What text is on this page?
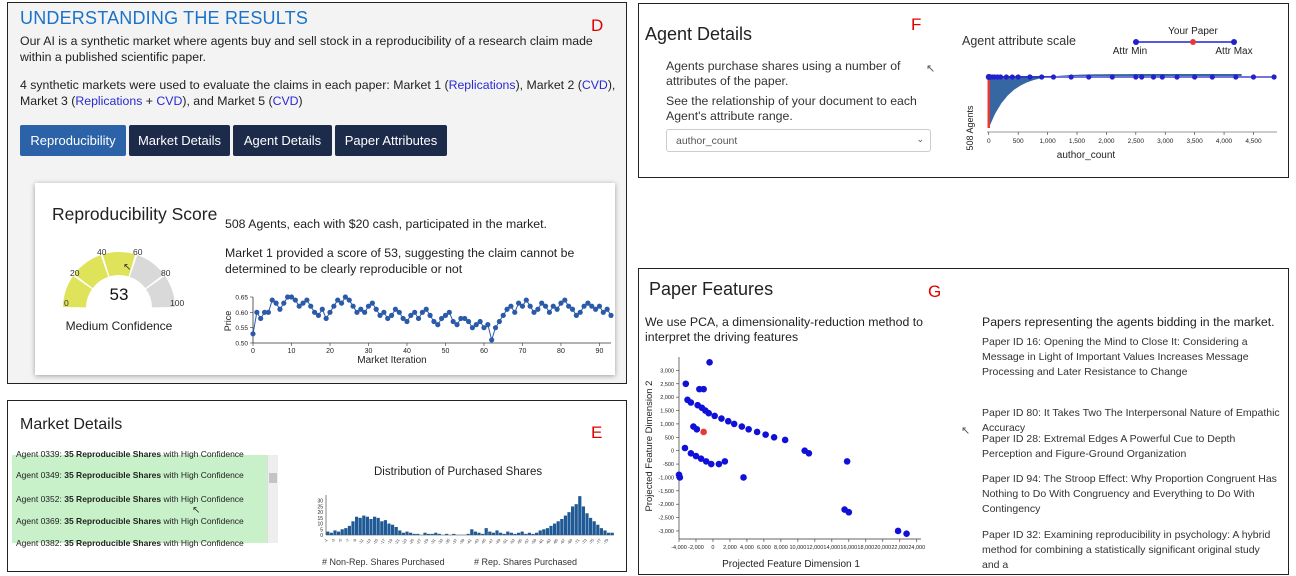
UNDERSTANDING THE RESULTS	D
Our AI is a synthetic market where agents buy and sell stock in a reproducibility of a research claim made
within a published scientific paper.
4 synthetic markets were used to evaluate the claims in each paper: Market 1 (Replications), Market 2 (CVD),
Market 3 (Replications + CVD), and Market 5 (CVD)
Reproducibility	Market Details	Agent Details	Paper Attributes
Reproducibility Score 508 Agents, each with $20 cash, participated in the market.
Market 1 provided a score of 53, suggesting the claim cannot be
determined to be clearly reproducible or not
0
20
40	60
80
100
53
Medium Confidence
↖
0	10	20	30	40	50	60	70	80	90
0.50
0.55
0.60
0.65
Market Iteration
Price
Market Details	E
Agent 0339: 35 Reproducible Shares with High Confidence
Agent 0349: 35 Reproducible Shares with High Confidence
Agent 0352: 35 Reproducible Shares with High Confidence
Agent 0369: 35 Reproducible Shares with High Confidence
Agent 0382: 35 Reproducible Shares with High Confidence
↖
Distribution of Purchased Shares
0
5
10
15
20
25
30
-1 -3 -5 -7 -9 -11 -13 -15 -17 -19 -21 -23 -25 -27 -29 -31 -33 -35 -37 -39 -41 -43 -45 -47 -49 -51 -53 -55 -57 -59 -61 -63 -65 -67 -69 -71 -73 -75 -77 -79
# Non-Rep. Shares Purchased	# Rep. Shares Purchased
Agent Details	F
Agents purchase shares using a number of attributes of the paper.
See the relationship of your document to each Agent's attribute range.
author_count	⌄
↖
Agent attribute scale
Your Paper
Attr Min	Attr Max
0	500 1,000 1,500 2,000 2,500 3,000 3,500 4,000 4,500
author_count
508 Agents
Paper Features	G
We use PCA, a dimensionality-reduction method to interpret the driving features
-4,000 -2,000 0 2,000 4,000 6,000 8,000 10,000 12,000 14,000 16,000 18,000 20,000 22,000 24,000
-3,000
-2,500
-2,000
-1,500
-1,000
-500
0
500
1,000
1,500
2,000
2,500
3,000
Projected Feature Dimension 1
Projected Feature Dimension 2	↖
Papers representing the agents bidding in the market.
Paper ID 16: Opening the Mind to Close It: Considering a Message in Light of Important Values Increases Message Processing and Later Resistance to Change
Paper ID 80: It Takes Two The Interpersonal Nature of Empathic Accuracy
Paper ID 28: Extremal Edges A Powerful Cue to Depth Perception and Figure-Ground Organization
Paper ID 94: The Stroop Effect: Why Proportion Congruent Has Nothing to Do With Congruency and Everything to Do With Contingency
Paper ID 32: Examining reproducibility in psychology: A hybrid method for combining a statistically significant original study and a
